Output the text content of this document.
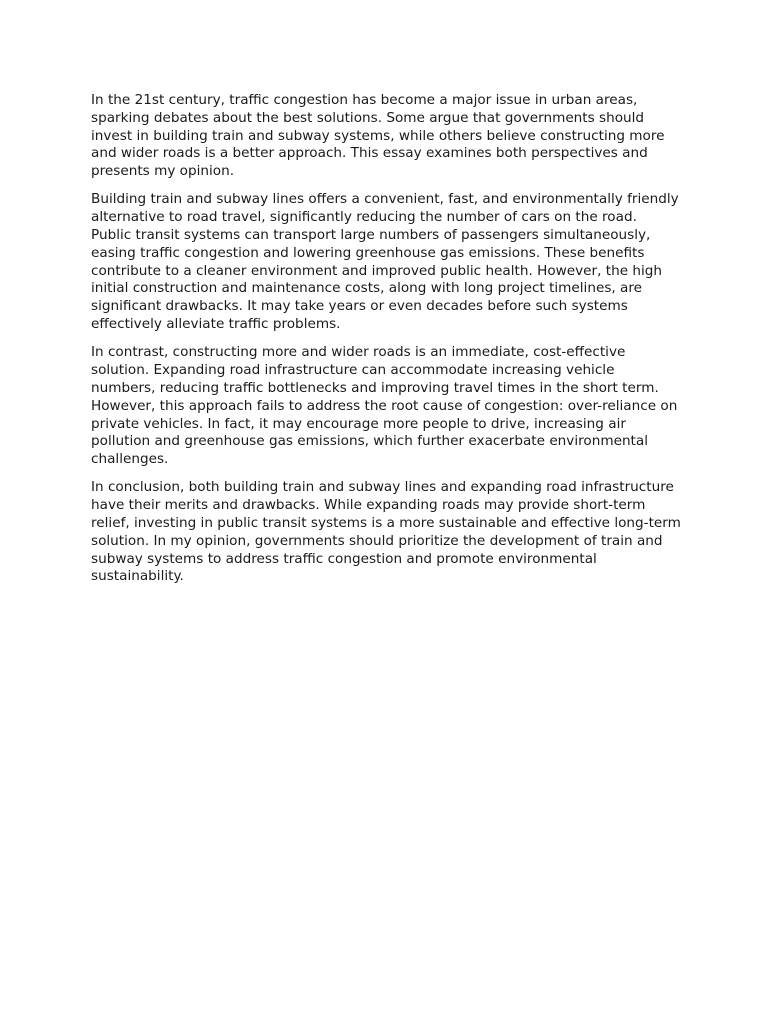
In the 21st century, traffic congestion has become a major issue in urban areas, sparking debates about the best solutions. Some argue that governments should invest in building train and subway systems, while others believe constructing more and wider roads is a better approach. This essay examines both perspectives and presents my opinion.

Building train and subway lines offers a convenient, fast, and environmentally friendly alternative to road travel, significantly reducing the number of cars on the road. Public transit systems can transport large numbers of passengers simultaneously, easing traffic congestion and lowering greenhouse gas emissions. These benefits contribute to a cleaner environment and improved public health. However, the high initial construction and maintenance costs, along with long project timelines, are significant drawbacks. It may take years or even decades before such systems effectively alleviate traffic problems.

In contrast, constructing more and wider roads is an immediate, cost-effective solution. Expanding road infrastructure can accommodate increasing vehicle numbers, reducing traffic bottlenecks and improving travel times in the short term. However, this approach fails to address the root cause of congestion: over-reliance on private vehicles. In fact, it may encourage more people to drive, increasing air pollution and greenhouse gas emissions, which further exacerbate environmental challenges.

In conclusion, both building train and subway lines and expanding road infrastructure have their merits and drawbacks. While expanding roads may provide short-term relief, investing in public transit systems is a more sustainable and effective long-term solution. In my opinion, governments should prioritize the development of train and subway systems to address traffic congestion and promote environmental sustainability.
